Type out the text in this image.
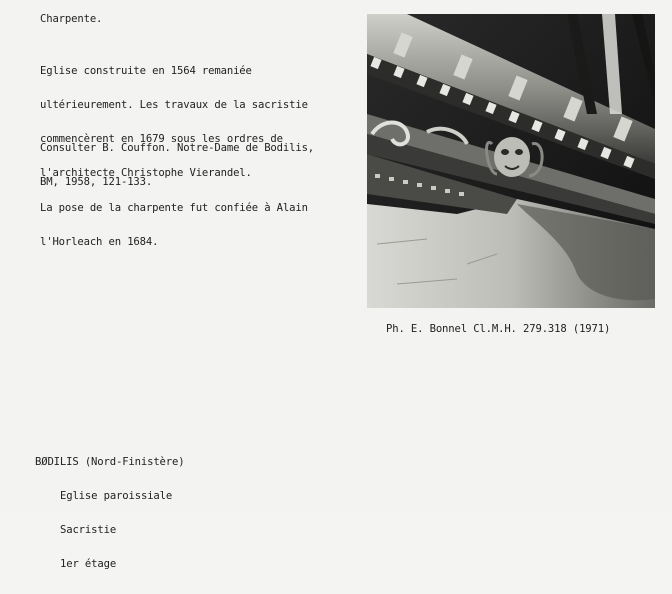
Charpente.

Eglise construite en 1564 remaniée

ultérieurement. Les travaux de la sacristie

commencèrent en 1679 sous les ordres de

l'architecte Christophe Vierandel.

La pose de la charpente fut confiée à Alain

l'Horleach en 1684.

Consulter B. Couffon. Notre-Dame de Bodilis,

BM, 1958, 121-133.

Ph. E. Bonnel Cl.M.H. 279.318 (1971)

BØDILIS (Nord-Finistère)

Eglise paroissiale

Sacristie

1er étage
